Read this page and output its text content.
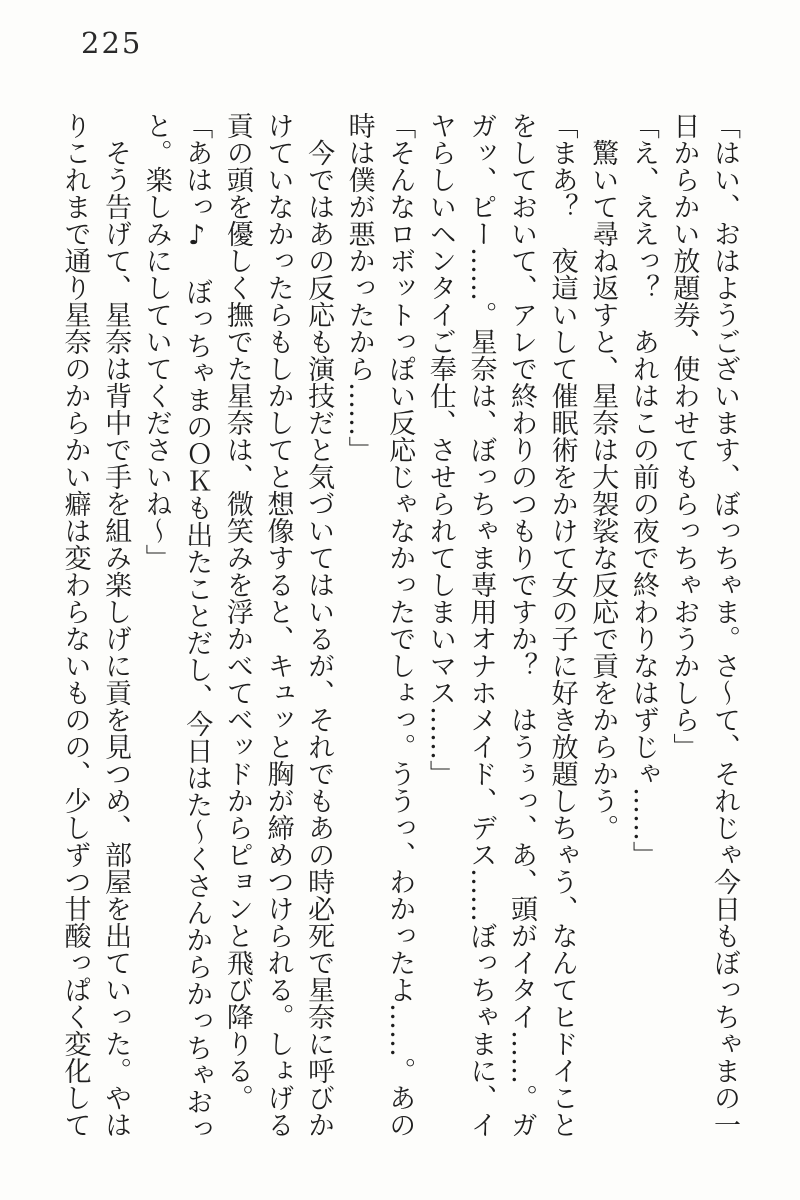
225
「はい、おはようございます、ぼっちゃま。さ～て、それじゃ今日もぼっちゃまの一
日からかい放題券、使わせてもらっちゃおうかしら」
「え、ええっ？　あれはこの前の夜で終わりなはずじゃ……」
　驚いて尋ね返すと、星奈は大袈裟な反応で貢をからかう。
「まあ？　夜這いして催眠術をかけて女の子に好き放題しちゃう、なんてヒドイこと
をしておいて、アレで終わりのつもりですか？　はうぅっ、あ、頭がイタイ……。ガ
ガッ、ピー……。星奈は、ぼっちゃま専用オナホメイド、デス……ぼっちゃまに、イ
ヤらしいヘンタイご奉仕、させられてしまいマス……」
「そんなロボットっぽい反応じゃなかったでしょっ。ううっ、わかったよ……。あの
時は僕が悪かったから……」
　今ではあの反応も演技だと気づいてはいるが、それでもあの時必死で星奈に呼びか
けていなかったらもしかしてと想像すると、キュッと胸が締めつけられる。しょげる
貢の頭を優しく撫でた星奈は、微笑みを浮かべてベッドからピョンと飛び降りる。
「あはっ♪　ぼっちゃまのＯＫも出たことだし、今日はた～くさんからかっちゃおっ
と。楽しみにしていてくださいね～」
　そう告げて、星奈は背中で手を組み楽しげに貢を見つめ、部屋を出ていった。やは
りこれまで通り星奈のからかい癖は変わらないものの、少しずつ甘酸っぱく変化して
